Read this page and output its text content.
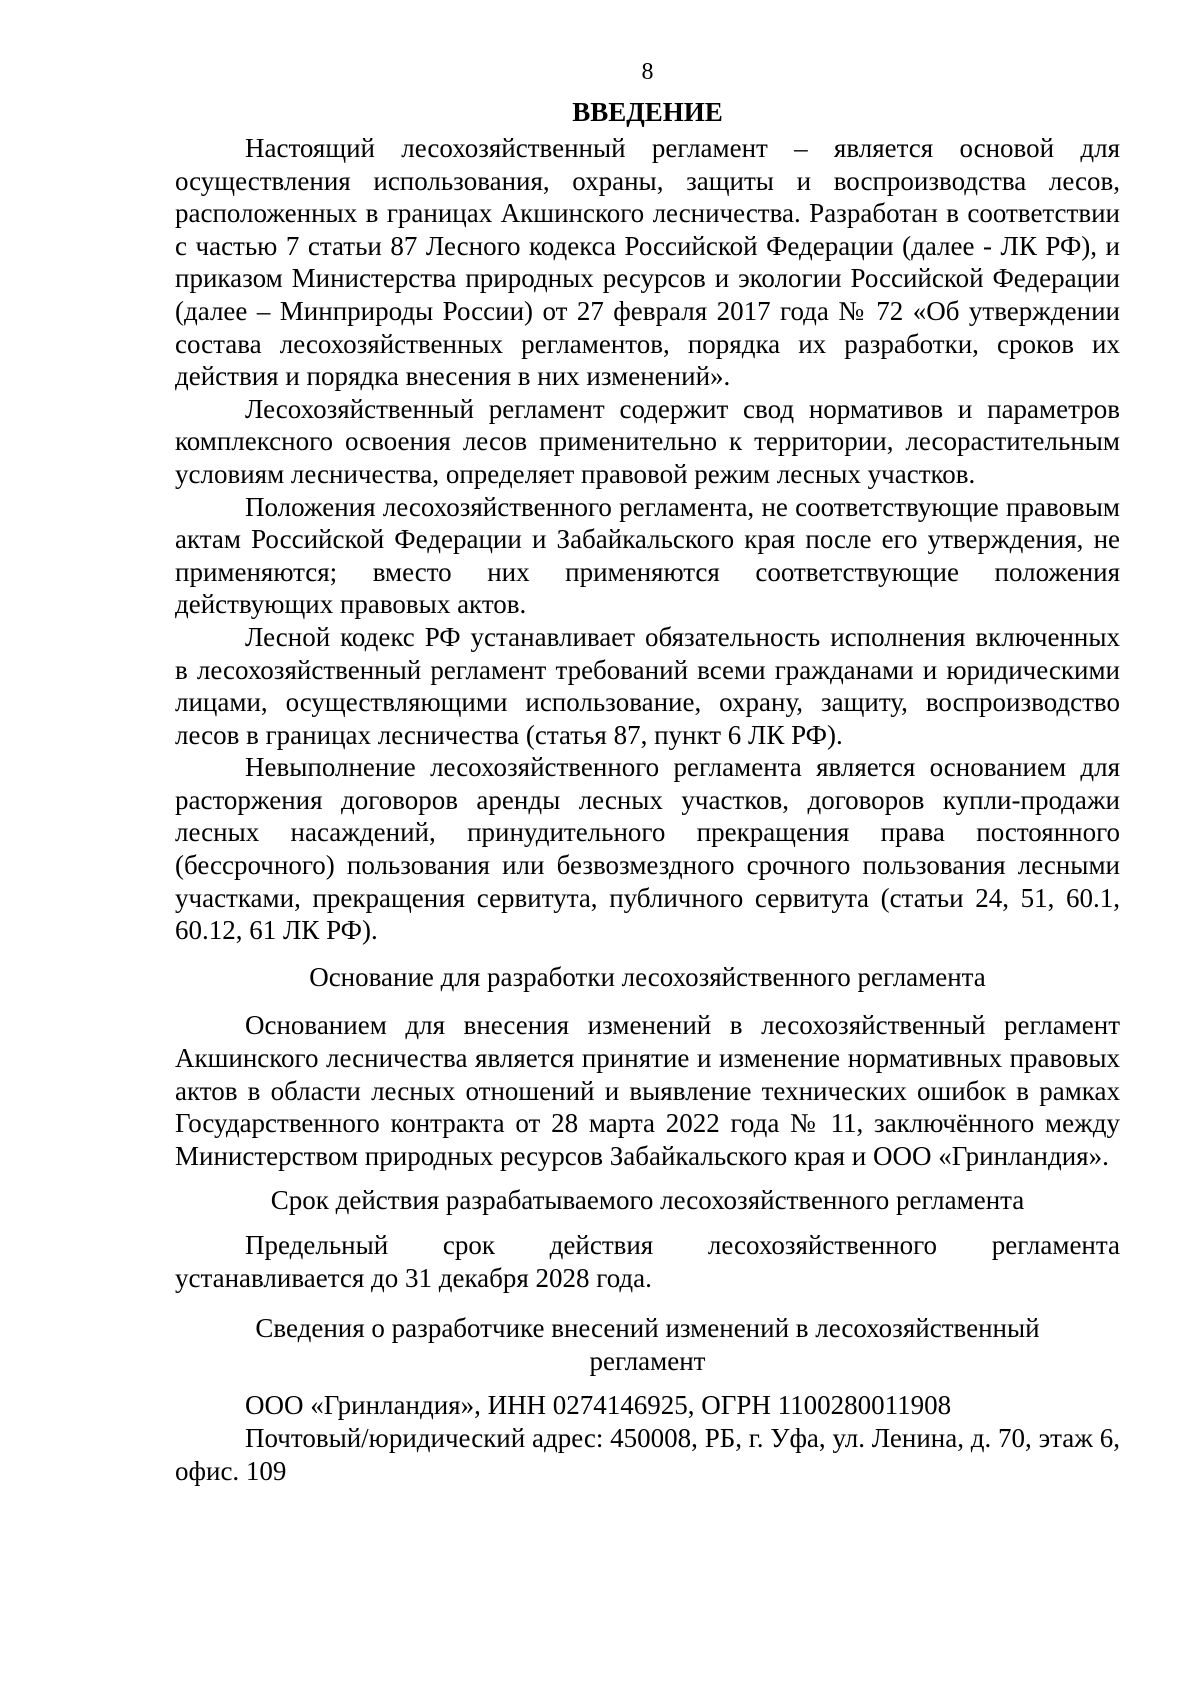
8
ВВЕДЕНИЕ

Настоящий лесохозяйственный регламент – является основой для осуществления использования, охраны, защиты и воспроизводства лесов, расположенных в границах Акшинского лесничества. Разработан в соответствии с частью 7 статьи 87 Лесного кодекса Российской Федерации (далее - ЛК РФ), и приказом Министерства природных ресурсов и экологии Российской Федерации (далее – Минприроды России) от 27 февраля 2017 года № 72 «Об утверждении состава лесохозяйственных регламентов, порядка их разработки, сроков их действия и порядка внесения в них изменений».

Лесохозяйственный регламент содержит свод нормативов и параметров комплексного освоения лесов применительно к территории, лесорастительным условиям лесничества, определяет правовой режим лесных участков.

Положения лесохозяйственного регламента, не соответствующие правовым актам Российской Федерации и Забайкальского края после его утверждения, не применяются; вместо них применяются соответствующие положения действующих правовых актов.

Лесной кодекс РФ устанавливает обязательность исполнения включенных в лесохозяйственный регламент требований всеми гражданами и юридическими лицами, осуществляющими использование, охрану, защиту, воспроизводство лесов в границах лесничества (статья 87, пункт 6 ЛК РФ).

Невыполнение лесохозяйственного регламента является основанием для расторжения договоров аренды лесных участков, договоров купли-продажи лесных насаждений, принудительного прекращения права постоянного (бессрочного) пользования или безвозмездного срочного пользования лесными участками, прекращения сервитута, публичного сервитута (статьи 24, 51, 60.1, 60.12, 61 ЛК РФ).

Основание для разработки лесохозяйственного регламента

Основанием для внесения изменений в лесохозяйственный регламент Акшинского лесничества является принятие и изменение нормативных правовых актов в области лесных отношений и выявление технических ошибок в рамках Государственного контракта от 28 марта 2022 года № 11, заключённого между Министерством природных ресурсов Забайкальского края и ООО «Гринландия».

Срок действия разрабатываемого лесохозяйственного регламента

Предельный срок действия лесохозяйственного регламента устанавливается до 31 декабря 2028 года.

Сведения о разработчике внесений изменений в лесохозяйственный
регламент

ООО «Гринландия», ИНН 0274146925, ОГРН 1100280011908

Почтовый/юридический адрес: 450008, РБ, г. Уфа, ул. Ленина, д. 70, этаж 6, офис. 109
